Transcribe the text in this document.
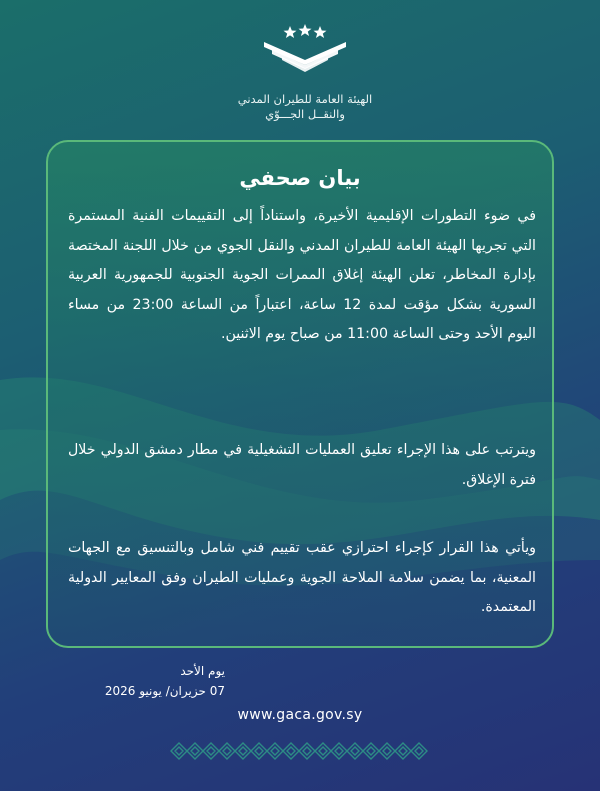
الهيئة العامة للطيران المدني
والنقــل الجـــوّي
بيان صحفي
في ضوء التطورات الإقليمية الأخيرة، واستناداً إلى التقييمات الفنية المستمرة التي تجريها الهيئة العامة للطيران المدني والنقل الجوي من خلال اللجنة المختصة بإدارة المخاطر، تعلن الهيئة إغلاق الممرات الجوية الجنوبية للجمهورية العربية السورية بشكل مؤقت لمدة 12 ساعة، اعتباراً من الساعة 23:00 من مساء اليوم الأحد وحتى الساعة 11:00 من صباح يوم الاثنين.
ويترتب على هذا الإجراء تعليق العمليات التشغيلية في مطار دمشق الدولي خلال فترة الإغلاق.
ويأتي هذا القرار كإجراء احترازي عقب تقييم فني شامل وبالتنسيق مع الجهات المعنية، بما يضمن سلامة الملاحة الجوية وعمليات الطيران وفق المعايير الدولية المعتمدة.
يوم الأحد
07 حزيران/ يونيو 2026
www.gaca.gov.sy
